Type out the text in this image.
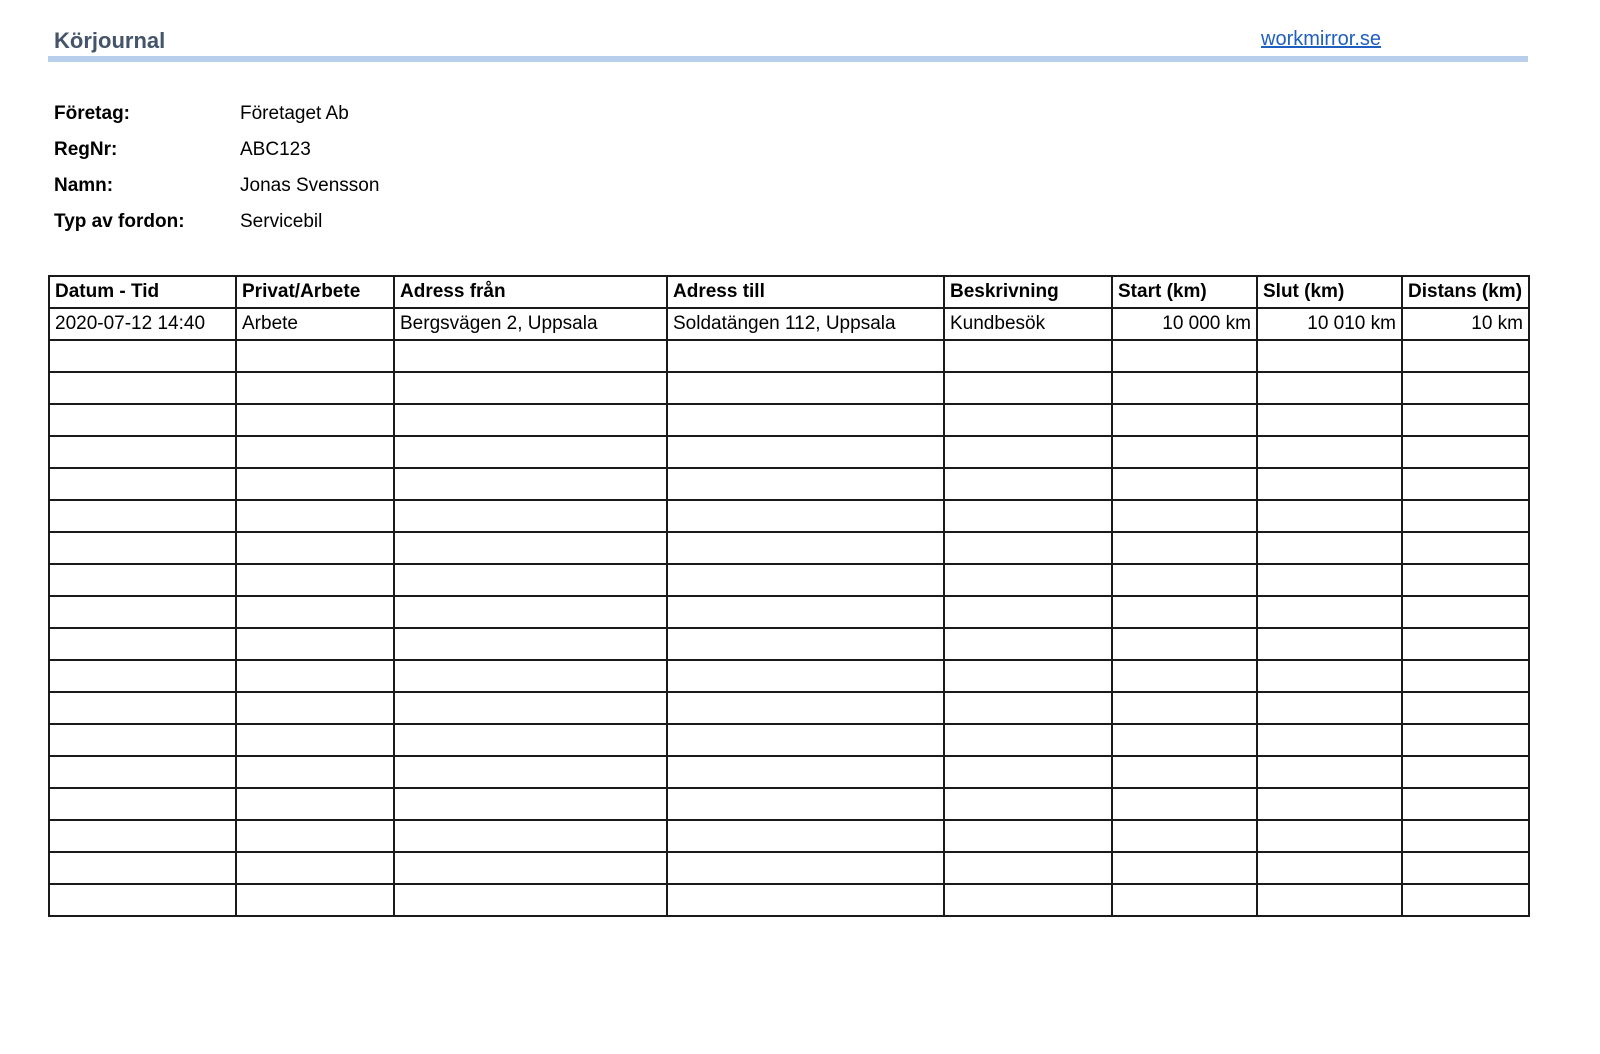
Körjournal	workmirror.se
Företag:	Företaget Ab
RegNr:	ABC123
Namn:	Jonas Svensson
Typ av fordon:	Servicebil
Datum - Tid	Privat/Arbete	Adress från	Adress till	Beskrivning	Start (km)	Slut (km)	Distans (km)
2020-07-12 14:40	Arbete	Bergsvägen 2, Uppsala	Soldatängen 112, Uppsala	Kundbesök	10 000 km	10 010 km	10 km
